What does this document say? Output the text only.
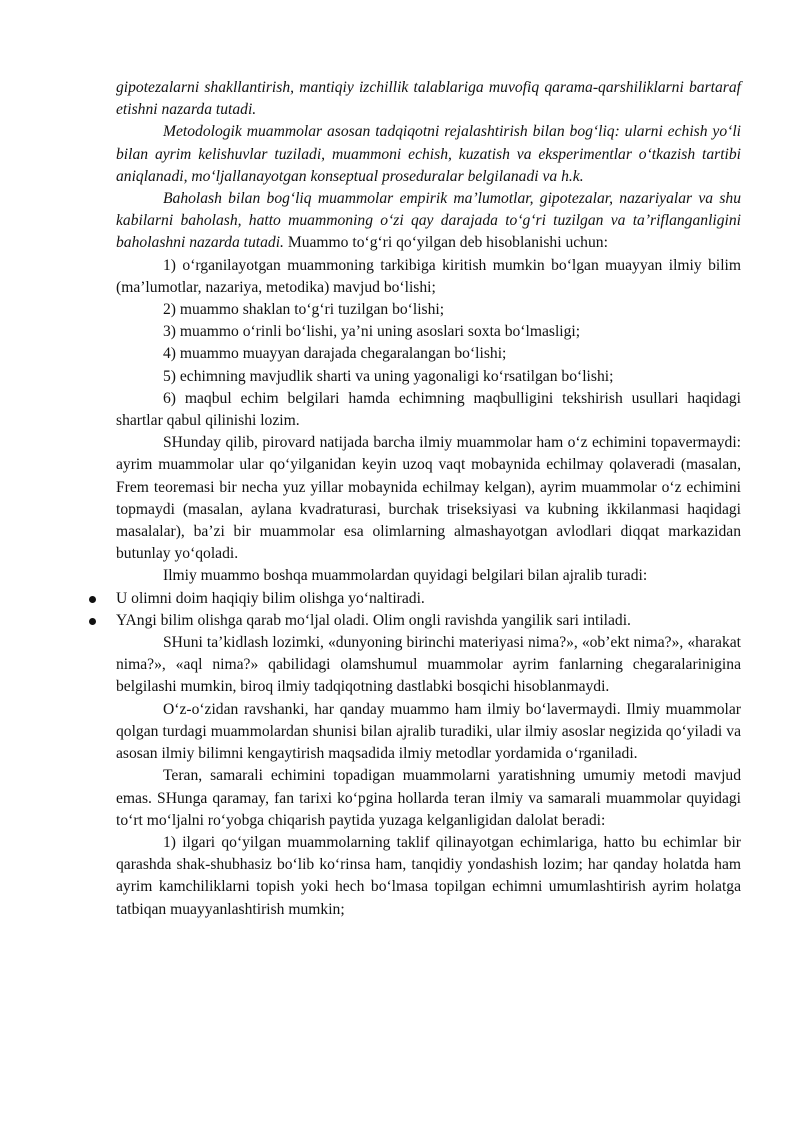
gipotezalarni shakllantirish, mantiqiy izchillik talablariga muvofiq qarama-qarshiliklarni bartaraf etishni nazarda tutadi.

Metodologik muammolar asosan tadqiqotni rejalashtirish bilan bog‘liq: ularni echish yo‘li bilan ayrim kelishuvlar tuziladi, muammoni echish, kuzatish va eksperimentlar o‘tkazish tartibi aniqlanadi, mo‘ljallanayotgan konseptual proseduralar belgilanadi va h.k.

Baholash bilan bog‘liq muammolar empirik ma’lumotlar, gipotezalar, nazariyalar va shu kabilarni baholash, hatto muammoning o‘zi qay darajada to‘g‘ri tuzilgan va ta’riflanganligini baholashni nazarda tutadi. Muammo to‘g‘ri qo‘yilgan deb hisoblanishi uchun:

1) o‘rganilayotgan muammoning tarkibiga kiritish mumkin bo‘lgan muayyan ilmiy bilim (ma’lumotlar, nazariya, metodika) mavjud bo‘lishi;

2) muammo shaklan to‘g‘ri tuzilgan bo‘lishi;

3) muammo o‘rinli bo‘lishi, ya’ni uning asoslari soxta bo‘lmasligi;

4) muammo muayyan darajada chegaralangan bo‘lishi;

5) echimning mavjudlik sharti va uning yagonaligi ko‘rsatilgan bo‘lishi;

6) maqbul echim belgilari hamda echimning maqbulligini tekshirish usullari haqidagi shartlar qabul qilinishi lozim.

SHunday qilib, pirovard natijada barcha ilmiy muammolar ham o‘z echimini topavermaydi: ayrim muammolar ular qo‘yilganidan keyin uzoq vaqt mobaynida echilmay qolaveradi (masalan, Frem teoremasi bir necha yuz yillar mobaynida echilmay kelgan), ayrim muammolar o‘z echimini topmaydi (masalan, aylana kvadraturasi, burchak triseksiyasi va kubning ikkilanmasi haqidagi masalalar), ba’zi bir muammolar esa olimlarning almashayotgan avlodlari diqqat markazidan butunlay yo‘qoladi.

Ilmiy muammo boshqa muammolardan quyidagi belgilari bilan ajralib turadi:

U olimni doim haqiqiy bilim olishga yo‘naltiradi.
YAngi bilim olishga qarab mo‘ljal oladi. Olim ongli ravishda yangilik sari intiladi.

SHuni ta’kidlash lozimki, «dunyoning birinchi materiyasi nima?», «ob’ekt nima?», «harakat nima?», «aql nima?» qabilidagi olamshumul muammolar ayrim fanlarning chegaralarinigina belgilashi mumkin, biroq ilmiy tadqiqotning dastlabki bosqichi hisoblanmaydi.

O‘z-o‘zidan ravshanki, har qanday muammo ham ilmiy bo‘lavermaydi. Ilmiy muammolar qolgan turdagi muammolardan shunisi bilan ajralib turadiki, ular ilmiy asoslar negizida qo‘yiladi va asosan ilmiy bilimni kengaytirish maqsadida ilmiy metodlar yordamida o‘rganiladi.

Teran, samarali echimini topadigan muammolarni yaratishning umumiy metodi mavjud emas. SHunga qaramay, fan tarixi ko‘pgina hollarda teran ilmiy va samarali muammolar quyidagi to‘rt mo‘ljalni ro‘yobga chiqarish paytida yuzaga kelganligidan dalolat beradi:

1) ilgari qo‘yilgan muammolarning taklif qilinayotgan echimlariga, hatto bu echimlar bir qarashda shak-shubhasiz bo‘lib ko‘rinsa ham, tanqidiy yondashish lozim; har qanday holatda ham ayrim kamchiliklarni topish yoki hech bo‘lmasa topilgan echimni umumlashtirish ayrim holatga tatbiqan muayyanlashtirish mumkin;
